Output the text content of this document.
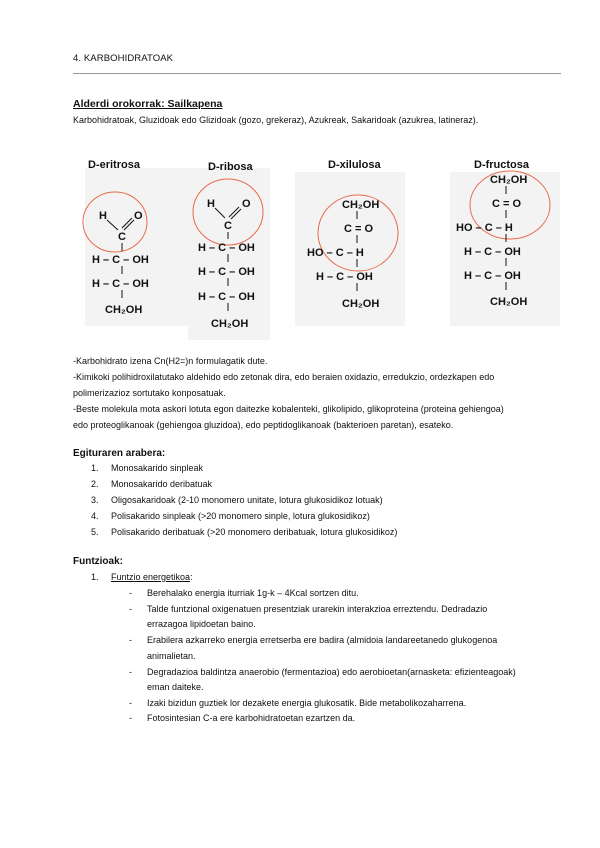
4. KARBOHIDRATOAK
Alderdi orokorrak: Sailkapena
Karbohidratoak, Gluzidoak edo Glizidoak (gozo, grekeraz), Azukreak, Sakaridoak (azukrea, latineraz).
D-eritrosa	D-ribosa	D-xilulosa	D-fructosa
H O
C
H – C – OH
H – C – OH
CH₂OH
H O
C
H – C – OH
H – C – OH
H – C – OH
CH₂OH
CH₂OH
C = O
HO – C – H
H – C – OH
CH₂OH
CH₂OH
C = O
HO – C – H
H – C – OH
H – C – OH
CH₂OH
-Karbohidrato izena Cn(H2=)n formulagatik dute.
-Kimikoki polihidroxilatutako aldehido edo zetonak dira, edo beraien oxidazio, erredukzio, ordezkapen edo
polimerizazioz sortutako konposatuak.
-Beste molekula mota askori lotuta egon daitezke kobalenteki, glikolipido, glikoproteina (proteina gehiengoa)
edo proteoglikanoak (gehiengoa gluzidoa), edo peptidoglikanoak (bakterioen paretan), esateko.
Egituraren arabera:
1. Monosakarido sinpleak
2. Monosakarido deribatuak
3. Oligosakaridoak (2-10 monomero unitate, lotura glukosidikoz lotuak)
4. Polisakarido sinpleak (>20 monomero sinple, lotura glukosidikoz)
5. Polisakarido deribatuak (>20 monomero deribatuak, lotura glukosidikoz)
Funtzioak:
1. Funtzio energetikoa:
- Berehalako energia iturriak 1g-k – 4Kcal sortzen ditu.
- Talde funtzional oxigenatuen presentziak urarekin interakzioa erreztendu. Dedradazio
errazagoa lipidoetan baino.
- Erabilera azkarreko energia erretserba ere badira (almidoia landareetanedo glukogenoa
animalietan.
- Degradazioa baldintza anaerobio (fermentazioa) edo aerobioetan(arnasketa: efizienteagoak)
eman daiteke.
- Izaki bizidun guztiek lor dezakete energia glukosatik. Bide metabolikozaharrena.
- Fotosintesian C-a ere karbohidratoetan ezartzen da.
